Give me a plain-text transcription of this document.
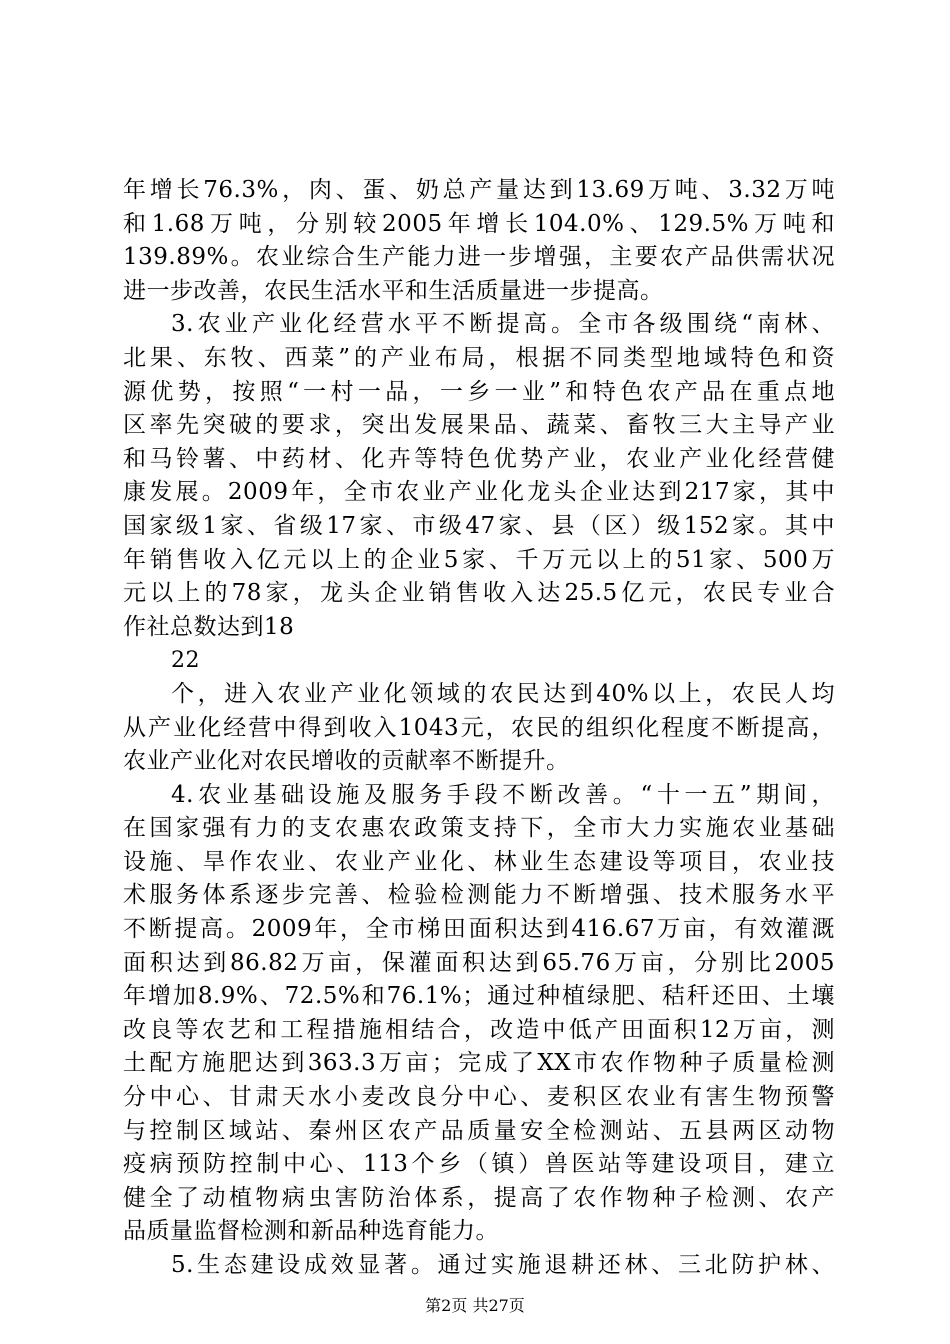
年增长76.3%，肉、蛋、奶总产量达到13.69万吨、3.32万吨
和1.68万吨，分别较2005年增长104.0%、129.5%万吨和
139.89%。农业综合生产能力进一步增强，主要农产品供需状况
进一步改善，农民生活水平和生活质量进一步提高。
3.农业产业化经营水平不断提高。全市各级围绕“南林、
北果、东牧、西菜”的产业布局，根据不同类型地域特色和资
源优势，按照“一村一品，一乡一业”和特色农产品在重点地
区率先突破的要求，突出发展果品、蔬菜、畜牧三大主导产业
和马铃薯、中药材、化卉等特色优势产业，农业产业化经营健
康发展。2009年，全市农业产业化龙头企业达到217家，其中
国家级1家、省级17家、市级47家、县（区）级152家。其中
年销售收入亿元以上的企业5家、千万元以上的51家、500万
元以上的78家，龙头企业销售收入达25.5亿元，农民专业合
作社总数达到18
22
个，进入农业产业化领域的农民达到40%以上，农民人均
从产业化经营中得到收入1043元，农民的组织化程度不断提高，
农业产业化对农民增收的贡献率不断提升。
4.农业基础设施及服务手段不断改善。“十一五”期间，
在国家强有力的支农惠农政策支持下，全市大力实施农业基础
设施、旱作农业、农业产业化、林业生态建设等项目，农业技
术服务体系逐步完善、检验检测能力不断增强、技术服务水平
不断提高。2009年，全市梯田面积达到416.67万亩，有效灌溉
面积达到86.82万亩，保灌面积达到65.76万亩，分别比2005
年增加8.9%、72.5%和76.1%；通过种植绿肥、秸秆还田、土壤
改良等农艺和工程措施相结合，改造中低产田面积12万亩，测
土配方施肥达到363.3万亩；完成了XX市农作物种子质量检测
分中心、甘肃天水小麦改良分中心、麦积区农业有害生物预警
与控制区域站、秦州区农产品质量安全检测站、五县两区动物
疫病预防控制中心、113个乡（镇）兽医站等建设项目，建立
健全了动植物病虫害防治体系，提高了农作物种子检测、农产
品质量监督检测和新品种选育能力。
5.生态建设成效显著。通过实施退耕还林、三北防护林、
第2页 共27页
